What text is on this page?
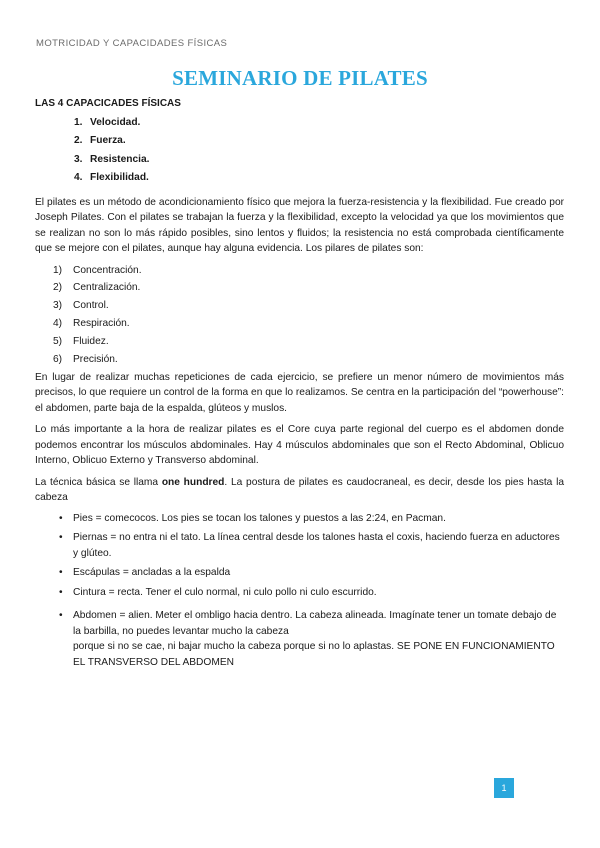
MOTRICIDAD Y CAPACIDADES FÍSICAS
SEMINARIO DE PILATES

LAS 4 CAPACICADES FÍSICAS

1. Velocidad.
2. Fuerza.
3. Resistencia.
4. Flexibilidad.

El pilates es un método de acondicionamiento físico que mejora la fuerza-resistencia y la flexibilidad. Fue creado por Joseph Pilates. Con el pilates se trabajan la fuerza y la flexibilidad, excepto la velocidad ya que los movimientos que se realizan no son lo más rápido posibles, sino lentos y fluidos; la resistencia no está comprobada científicamente que se mejore con el pilates, aunque hay alguna evidencia. Los pilares de pilates son:

1) Concentración.
2) Centralización.
3) Control.
4) Respiración.
5) Fluidez.
6) Precisión.

En lugar de realizar muchas repeticiones de cada ejercicio, se prefiere un menor número de movimientos más precisos, lo que requiere un control de la forma en que lo realizamos. Se centra en la participación del “powerhouse”: el abdomen, parte baja de la espalda, glúteos y muslos.

Lo más importante a la hora de realizar pilates es el Core cuya parte regional del cuerpo es el abdomen donde podemos encontrar los músculos abdominales. Hay 4 músculos abdominales que son el Recto Abdominal, Oblicuo Interno, Oblicuo Externo y Transverso abdominal.

La técnica básica se llama one hundred. La postura de pilates es caudocraneal, es decir, desde los pies hasta la cabeza

• Pies = comecocos. Los pies se tocan los talones y puestos a las 2:24, en Pacman.
• Piernas = no entra ni el tato. La línea central desde los talones hasta el coxis, haciendo fuerza en aductores y glúteo.
• Escápulas = ancladas a la espalda
• Cintura = recta. Tener el culo normal, ni culo pollo ni culo escurrido.
• Abdomen = alien. Meter el ombligo hacia dentro. La cabeza alineada. Imagínate tener un tomate debajo de la barbilla, no puedes levantar mucho la cabeza
porque si no se cae, ni bajar mucho la cabeza porque si no lo aplastas. SE PONE EN FUNCIONAMIENTO EL TRANSVERSO DEL ABDOMEN
1
